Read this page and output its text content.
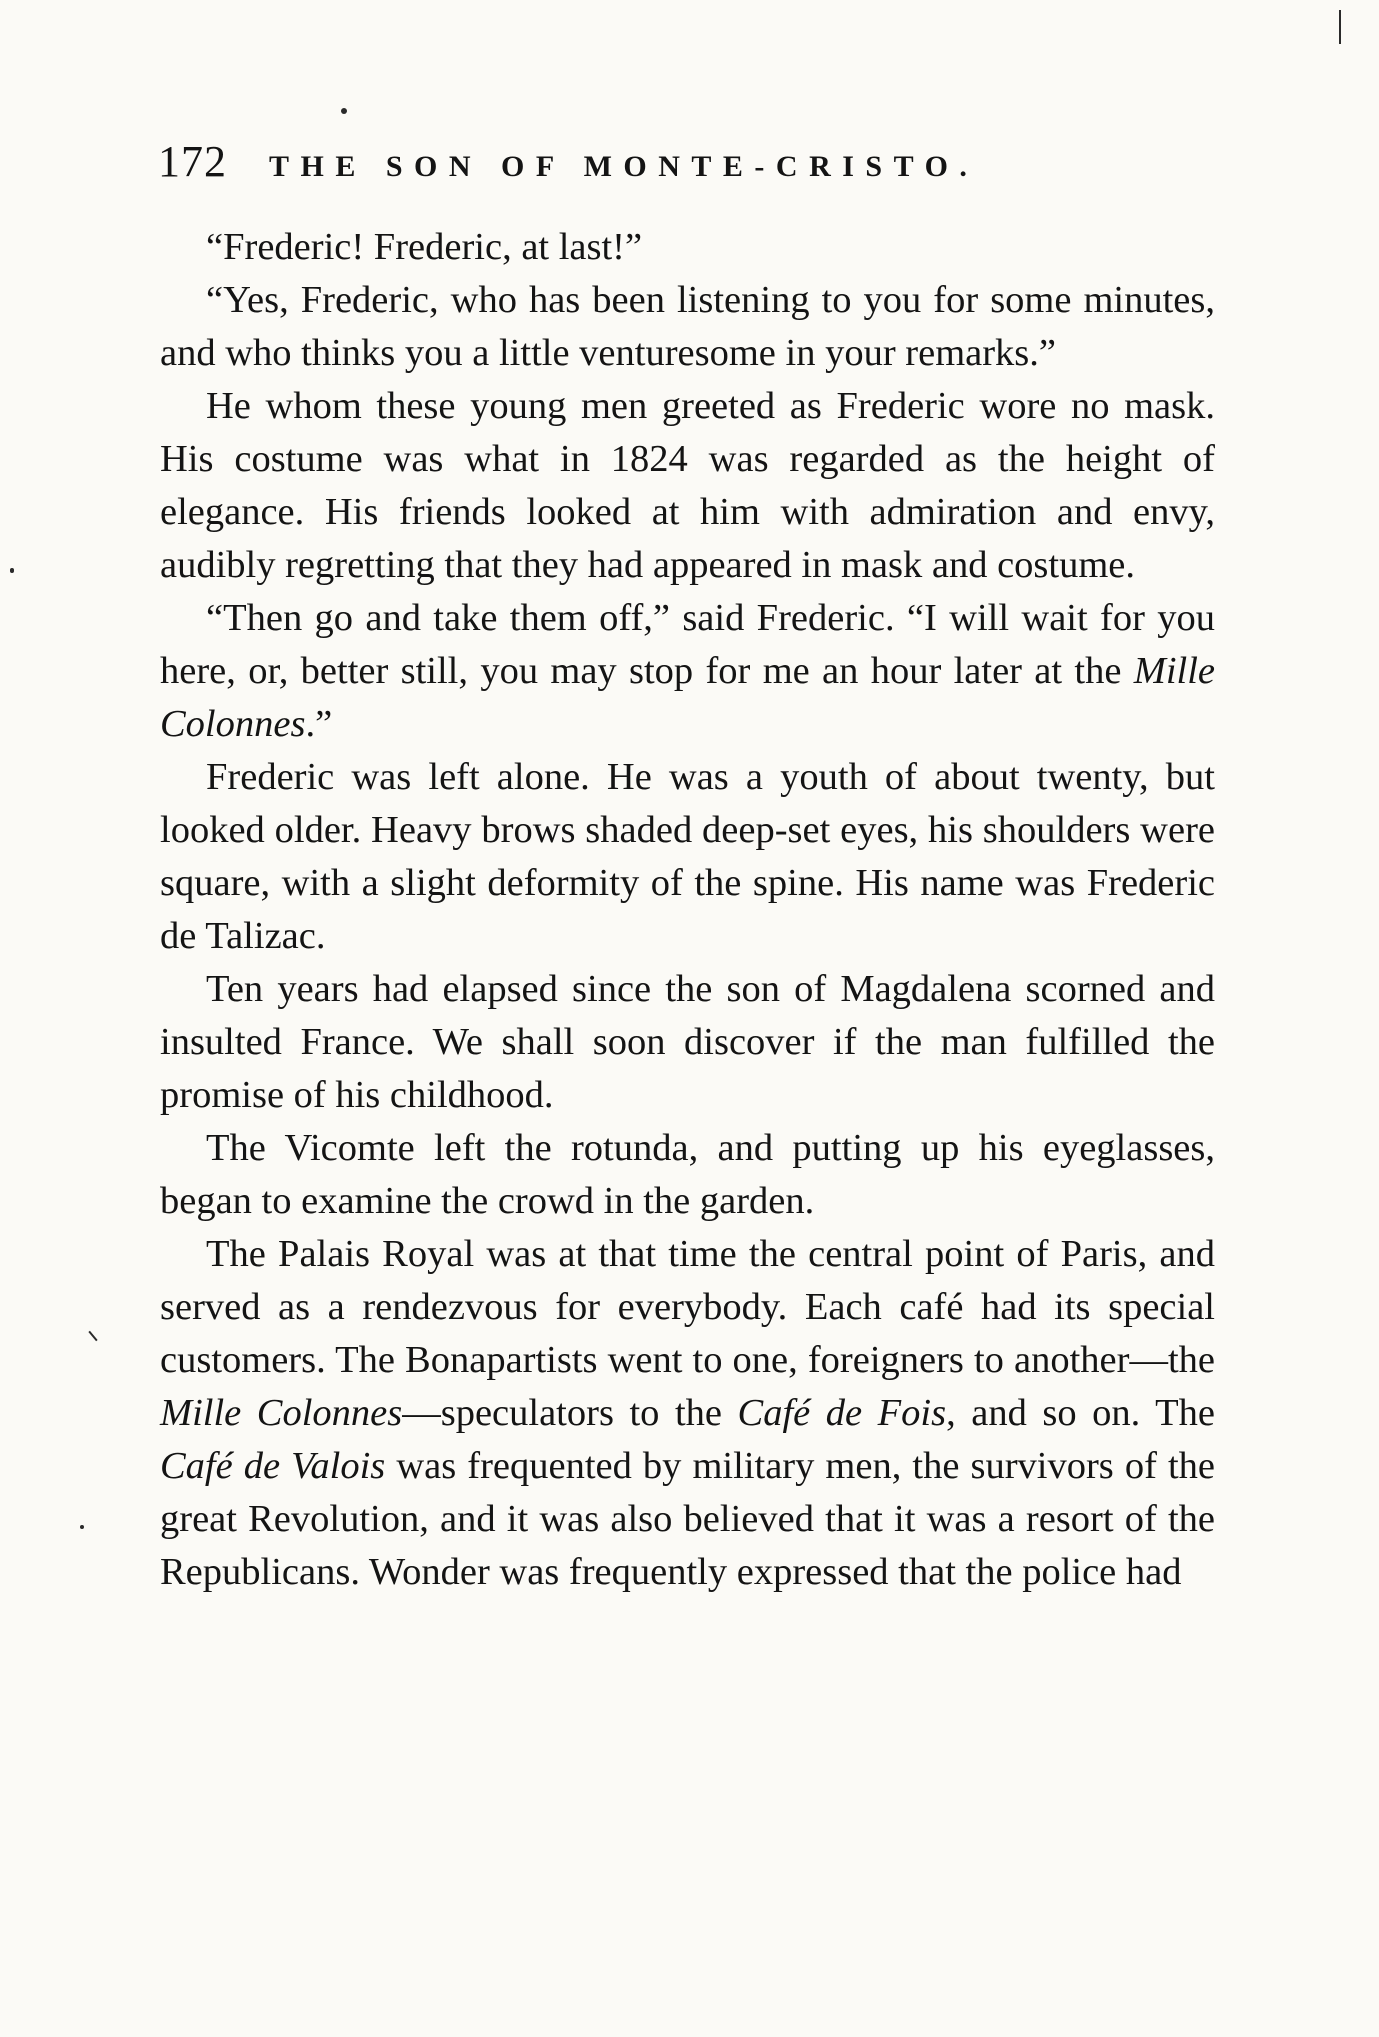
172 THE SON OF MONTE-CRISTO.

“Frederic! Frederic, at last!”

“Yes, Frederic, who has been listening to you for some minutes, and who thinks you a little venturesome in your remarks.”

He whom these young men greeted as Frederic wore no mask. His costume was what in 1824 was regarded as the height of elegance. His friends looked at him with admiration and envy, audibly regretting that they had appeared in mask and costume.

“Then go and take them off,” said Frederic. “I will wait for you here, or, better still, you may stop for me an hour later at the Mille Colonnes.”

Frederic was left alone. He was a youth of about twenty, but looked older. Heavy brows shaded deep-set eyes, his shoulders were square, with a slight deformity of the spine. His name was Frederic de Talizac.

Ten years had elapsed since the son of Magdalena scorned and insulted France. We shall soon discover if the man fulfilled the promise of his childhood.

The Vicomte left the rotunda, and putting up his eyeglasses, began to examine the crowd in the garden.

The Palais Royal was at that time the central point of Paris, and served as a rendezvous for everybody. Each café had its special customers. The Bonapartists went to one, foreigners to another—the Mille Colonnes—speculators to the Café de Fois, and so on. The Café de Valois was frequented by military men, the survivors of the great Revolution, and it was also believed that it was a resort of the Republicans. Wonder was frequently expressed that the police had
